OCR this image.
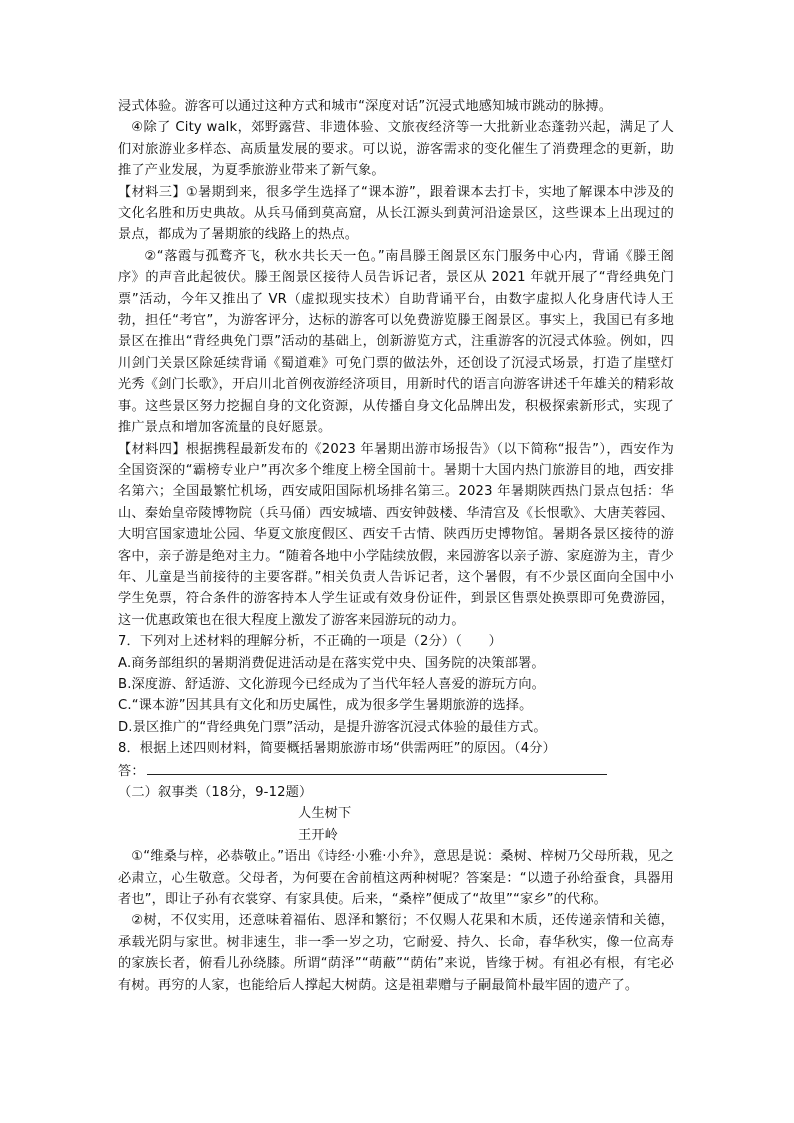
浸式体验。游客可以通过这种方式和城市“深度对话”沉浸式地感知城市跳动的脉搏。

④除了 City walk，郊野露营、非遗体验、文旅夜经济等一大批新业态蓬勃兴起，满足了人们对旅游业多样态、高质量发展的要求。可以说，游客需求的变化催生了消费理念的更新，助推了产业发展，为夏季旅游业带来了新气象。

【材料三】①暑期到来，很多学生选择了“课本游”，跟着课本去打卡，实地了解课本中涉及的文化名胜和历史典故。从兵马俑到莫高窟，从长江源头到黄河沿途景区，这些课本上出现过的景点，都成为了暑期旅的线路上的热点。

②“落霞与孤鹜齐飞，秋水共长天一色。”南昌滕王阁景区东门服务中心内，背诵《滕王阁序》的声音此起彼伏。滕王阁景区接待人员告诉记者，景区从 2021 年就开展了“背经典免门票”活动，今年又推出了 VR（虚拟现实技术）自助背诵平台，由数字虚拟人化身唐代诗人王勃，担任“考官”，为游客评分，达标的游客可以免费游览滕王阁景区。事实上，我国已有多地景区在推出“背经典免门票”活动的基础上，创新游览方式，注重游客的沉浸式体验。例如，四川剑门关景区除延续背诵《蜀道难》可免门票的做法外，还创设了沉浸式场景，打造了崖壁灯光秀《剑门长歌》，开启川北首例夜游经济项目，用新时代的语言向游客讲述千年雄关的精彩故事。这些景区努力挖掘自身的文化资源，从传播自身文化品牌出发，积极探索新形式，实现了推广景点和增加客流量的良好愿景。

【材料四】根据携程最新发布的《2023 年暑期出游市场报告》（以下简称“报告”），西安作为全国资深的“霸榜专业户”再次多个维度上榜全国前十。暑期十大国内热门旅游目的地，西安排名第六；全国最繁忙机场，西安咸阳国际机场排名第三。2023 年暑期陕西热门景点包括：华山、秦始皇帝陵博物院（兵马俑）西安城墙、西安钟鼓楼、华清宫及《长恨歌》、大唐芙蓉园、大明宫国家遗址公园、华夏文旅度假区、西安千古情、陕西历史博物馆。暑期各景区接待的游客中，亲子游是绝对主力。“随着各地中小学陆续放假，来园游客以亲子游、家庭游为主，青少年、儿童是当前接待的主要客群。”相关负责人告诉记者，这个暑假，有不少景区面向全国中小学生免票，符合条件的游客持本人学生证或有效身份证件，到景区售票处换票即可免费游园，这一优惠政策也在很大程度上激发了游客来园游玩的动力。

7．下列对上述材料的理解分析，不正确的一项是（2分）（　　）

A.商务部组织的暑期消费促进活动是在落实党中央、国务院的决策部署。

B.深度游、舒适游、文化游现今已经成为了当代年轻人喜爱的游玩方向。

C.“课本游”因其具有文化和历史属性，成为很多学生暑期旅游的选择。

D.景区推广的“背经典免门票”活动，是提升游客沉浸式体验的最佳方式。

8．根据上述四则材料，简要概括暑期旅游市场“供需两旺”的原因。（4分）

答：

（二）叙事类（18分，9-12题）

人生树下

王开岭

①“维桑与梓，必恭敬止。”语出《诗经·小雅·小弁》，意思是说：桑树、梓树乃父母所栽，见之必肃立，心生敬意。父母者，为何要在舍前植这两种树呢？答案是：“以遗子孙给蚕食，具器用者也”，即让子孙有衣裳穿、有家具使。后来，“桑梓”便成了“故里”“家乡”的代称。

②树，不仅实用，还意味着福佑、恩泽和繁衍；不仅赐人花果和木质，还传递亲情和关德，承载光阴与家世。树非速生，非一季一岁之功，它耐爱、持久、长命，春华秋实，像一位高寿的家族长者，俯看儿孙绕膝。所谓“荫泽”“萌蔽”“荫佑”来说，皆缘于树。有祖必有根，有宅必有树。再穷的人家，也能给后人撑起大树荫。这是祖辈赠与子嗣最简朴最牢固的遗产了。
